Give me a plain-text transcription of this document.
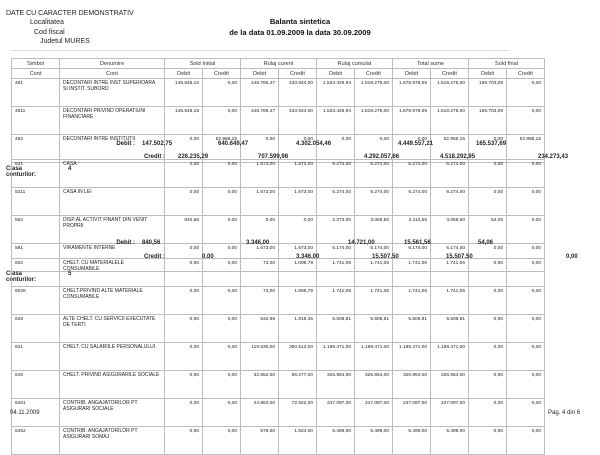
DATE CU CARACTER DEMONSTRATIV
Localitatea
Cod fiscal
Judetul MURES
Balanta sintetica
de la data 01.09.2009 la data 30.09.2009
Simbol	Denumire	Sold Initial		Rulaj curent		Rulaj cumulat		Total sume		Sold final	
Cont	Cont	Debit	Credit	Debit	Credit	Debit	Credit	Debit	Credit	Debit	Credit
481	DECONTARI INTRE INST SUPERIOARA SI INSTIT. SUBORD	145.548,15	0,00	448.786,47	433.944,00	1.533.429,94	1.519.275,00	1.678.978,09	1.519.275,00	159.703,09	0,00
4811	DECONTARI PRIVIND OPERATIUNI FINANCIARE	145.548,15	0,00	448.786,47	433.944,00	1.533.429,94	1.519.275,00	1.678.978,09	1.519.275,00	159.703,09	0,00
482	DECONTARI INTRE INSTITUTII	0,00	52.968,15	0,00	0,00	0,00	0,00	0,00	52.968,15	0,00	52.968,15
Clasa conturilor:
4
Debit : 147.502,75	640.649,47	4.302.054,46	4.449.557,21	165.537,69
Credit : 226.235,29	707.599,98	4.292.057,66	4.518.292,95	234.273,43
531	CASA	0,00	0,00	1.673,00	1.673,00	6.274,00	6.274,00	6.274,00	6.274,00	0,00	0,00
5311	CASA IN LEI	0,00	0,00	1.673,00	1.673,00	6.274,00	6.274,00	6.274,00	6.274,00	0,00	0,00
562	DISP AL ACTIVIT FINANT DIN VENIT PROPRII	840,56	0,00	0,00	0,00	2.273,00	3.059,50	3.113,56	3.059,50	54,06	0,00
581	VIRAMENTE INTERNE	0,00	0,00	1.673,00	1.673,00	6.174,00	6.174,00	6.174,00	6.174,00	0,00	0,00
Clasa conturilor:
5
Debit : 840,56	3.346,00	14.721,00	15.561,56	54,06
Credit :	0,00	3.346,00	15.507,50	15.507,50	0,00
602	CHELT. CU MATERIALELE CONSUMABILE	0,00	0,00	73,00	1.098,79	1.741,06	1.741,06	1.741,06	1.741,06	0,00	0,00
6028	CHELT.PRIVIND ALTE MATERIALE CONSUMABILE	0,00	0,00	73,00	1.098,79	1.741,06	1.741,06	1.741,06	1.741,06	0,00	0,00
628	ALTE CHELT. CU SERVICII EXECUTATE DE TERTI	0,00	0,00	632,98	1.918,35	5.508,81	5.508,81	5.508,81	5.508,81	0,00	0,00
641	CHELT. CU SALARIILE PERSONALULUI	0,00	0,00	119.535,00	350.513,00	1.199.471,00	1.199.471,00	1.199.471,00	1.199.471,00	0,00	0,00
645	CHELT. PRIVIND ASIGURARILE SOCIALE	0,00	0,00	32.852,00	96.277,00	326.964,00	326.964,00	326.964,00	326.964,00	0,00	0,00
6451	CONTRIB. ANGAJATORILOR PT ASIGURARI SOCIALE	0,00	0,00	24.863,00	72.922,00	247.097,00	247.097,00	247.097,00	247.097,00	0,00	0,00
6452	CONTRIB. ANGAJATORILOR PT ASIGURARI SOMAJ	0,00	0,00	578,00	1.624,00	5.499,00	5.499,00	5.499,00	5.499,00	0,00	0,00
04.11.2009	Pag. 4 din 6
